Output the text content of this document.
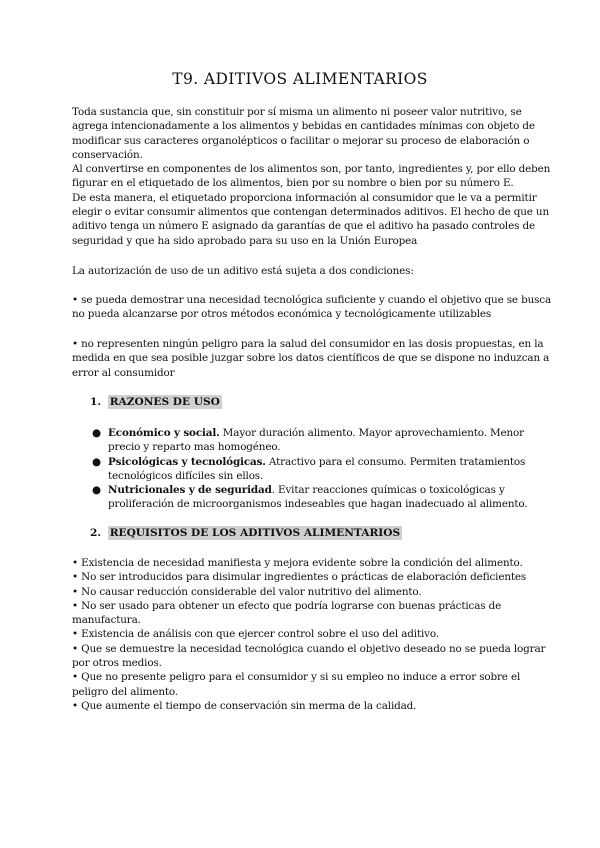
T9. ADITIVOS ALIMENTARIOS

Toda sustancia que, sin constituir por sí misma un alimento ni poseer valor nutritivo, se
agrega intencionadamente a los alimentos y bebidas en cantidades mínimas con objeto de
modificar sus caracteres organolépticos o facilitar o mejorar su proceso de elaboración o
conservación.
Al convertirse en componentes de los alimentos son, por tanto, ingredientes y, por ello deben
figurar en el etiquetado de los alimentos, bien por su nombre o bien por su número E.
De esta manera, el etiquetado proporciona información al consumidor que le va a permitir
elegir o evitar consumir alimentos que contengan determinados aditivos. El hecho de que un
aditivo tenga un número E asignado da garantías de que el aditivo ha pasado controles de
seguridad y que ha sido aprobado para su uso en la Unión Europea

La autorización de uso de un aditivo está sujeta a dos condiciones:

• se pueda demostrar una necesidad tecnológica suficiente y cuando el objetivo que se busca
no pueda alcanzarse por otros métodos económica y tecnológicamente utilizables

• no representen ningún peligro para la salud del consumidor en las dosis propuestas, en la
medida en que sea posible juzgar sobre los datos científicos de que se dispone no induzcan a
error al consumidor

1. RAZONES DE USO
● Económico y social. Mayor duración alimento. Mayor aprovechamiento. Menor
precio y reparto mas homogéneo.
● Psicológicas y tecnológicas. Atractivo para el consumo. Permiten tratamientos
tecnológicos difíciles sin ellos.
● Nutricionales y de seguridad. Evitar reacciones químicas o toxicológicas y
proliferación de microorganismos indeseables que hagan inadecuado al alimento.
2. REQUISITOS DE LOS ADITIVOS ALIMENTARIOS
• Existencia de necesidad manifiesta y mejora evidente sobre la condición del alimento.
• No ser introducidos para disimular ingredientes o prácticas de elaboración deficientes
• No causar reducción considerable del valor nutritivo del alimento.
• No ser usado para obtener un efecto que podría lograrse con buenas prácticas de
manufactura.
• Existencia de análisis con que ejercer control sobre el uso del aditivo.
• Que se demuestre la necesidad tecnológica cuando el objetivo deseado no se pueda lograr
por otros medios.
• Que no presente peligro para el consumidor y si su empleo no induce a error sobre el
peligro del alimento.
• Que aumente el tiempo de conservación sin merma de la calidad.
